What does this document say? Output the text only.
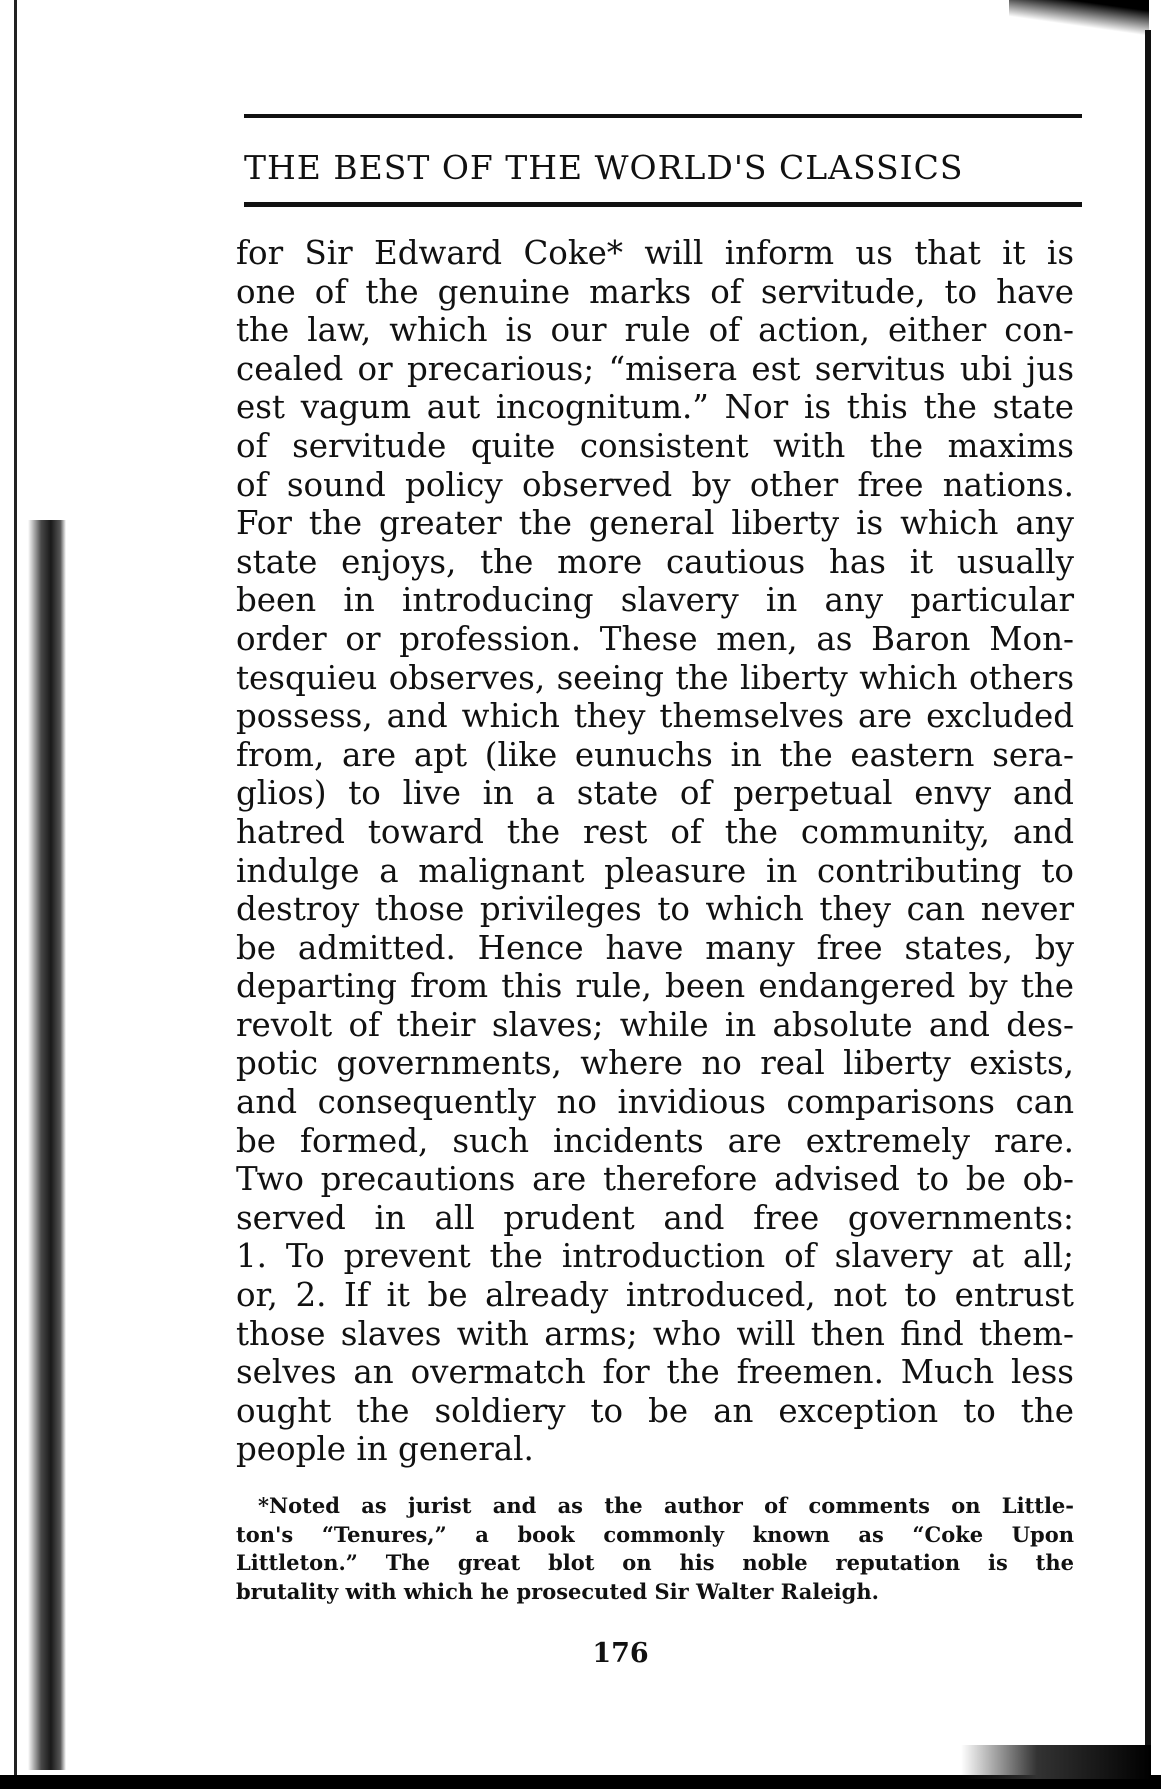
THE BEST OF THE WORLD'S CLASSICS
for Sir Edward Coke* will inform us that it is
one of the genuine marks of servitude, to have
the law, which is our rule of action, either con-
cealed or precarious; “misera est servitus ubi jus
est vagum aut incognitum.” Nor is this the state
of servitude quite consistent with the maxims
of sound policy observed by other free nations.
For the greater the general liberty is which any
state enjoys, the more cautious has it usually
been in introducing slavery in any particular
order or profession. These men, as Baron Mon-
tesquieu observes, seeing the liberty which others
possess, and which they themselves are excluded
from, are apt (like eunuchs in the eastern sera-
glios) to live in a state of perpetual envy and
hatred toward the rest of the community, and
indulge a malignant pleasure in contributing to
destroy those privileges to which they can never
be admitted. Hence have many free states, by
departing from this rule, been endangered by the
revolt of their slaves; while in absolute and des-
potic governments, where no real liberty exists,
and consequently no invidious comparisons can
be formed, such incidents are extremely rare.
Two precautions are therefore advised to be ob-
served in all prudent and free governments:
1. To prevent the introduction of slavery at all;
or, 2. If it be already introduced, not to entrust
those slaves with arms; who will then find them-
selves an overmatch for the freemen. Much less
ought the soldiery to be an exception to the
people in general.
*Noted as jurist and as the author of comments on Little-
ton's “Tenures,” a book commonly known as “Coke Upon
Littleton.” The great blot on his noble reputation is the
brutality with which he prosecuted Sir Walter Raleigh.
176
